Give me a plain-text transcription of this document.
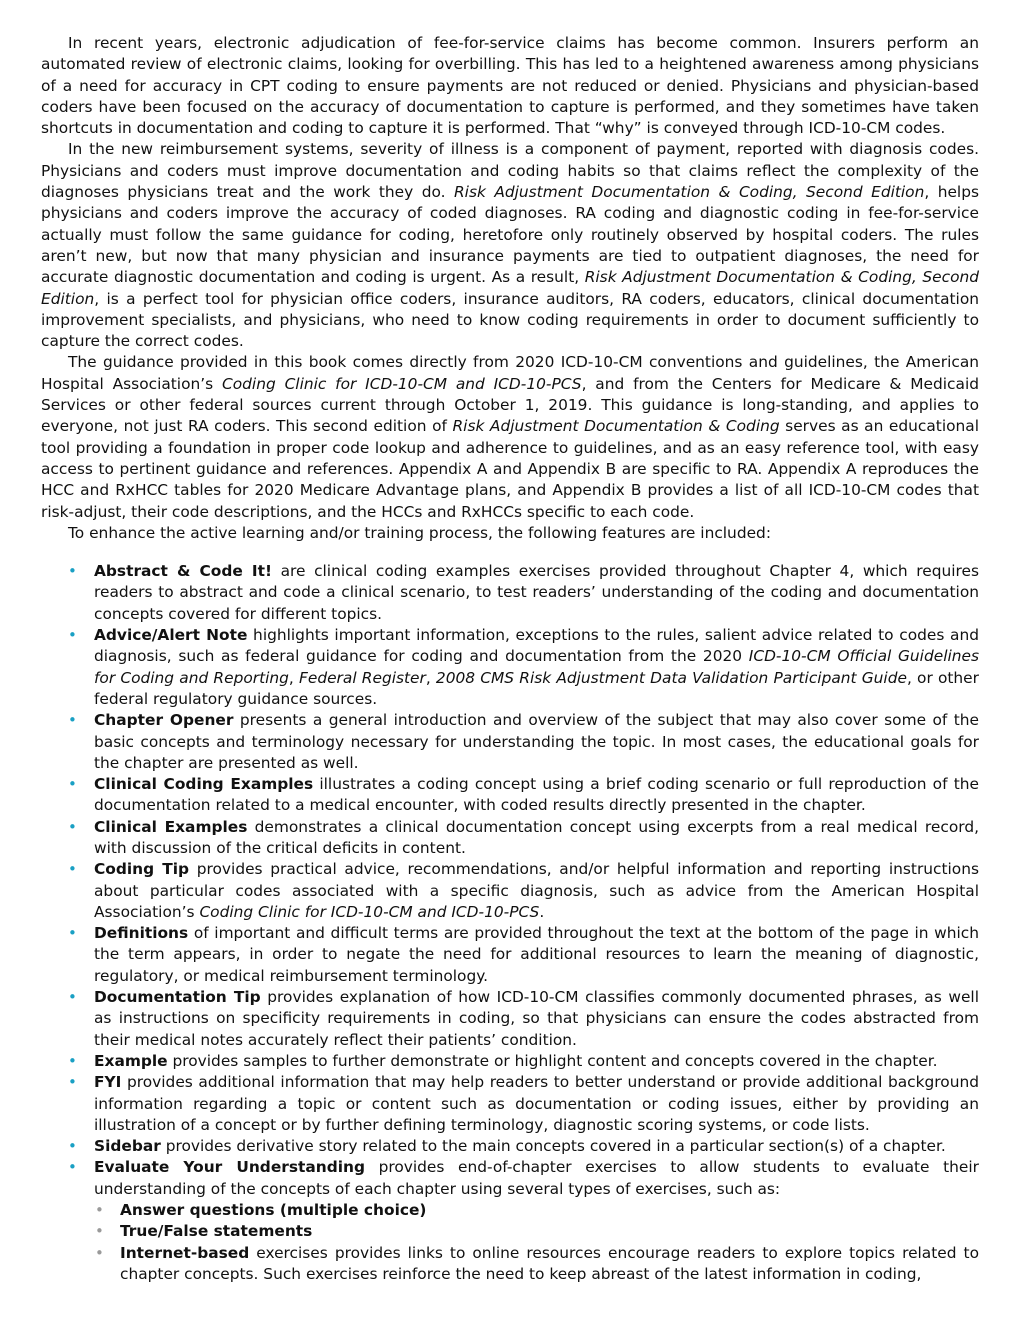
In recent years, electronic adjudication of fee-for-service claims has become common. Insurers perform an automated review of electronic claims, looking for overbilling. This has led to a heightened awareness among physicians of a need for accuracy in CPT coding to ensure payments are not reduced or denied. Physicians and physician-based coders have been focused on the accuracy of documentation to capture is performed, and they sometimes have taken shortcuts in documentation and coding to capture it is performed. That “why” is conveyed through ICD-10-CM codes.

In the new reimbursement systems, severity of illness is a component of payment, reported with diagnosis codes. Physicians and coders must improve documentation and coding habits so that claims reflect the complexity of the diagnoses physicians treat and the work they do. Risk Adjustment Documentation & Coding, Second Edition, helps physicians and coders improve the accuracy of coded diagnoses. RA coding and diagnostic coding in fee-for-service actually must follow the same guidance for coding, heretofore only routinely observed by hospital coders. The rules aren’t new, but now that many physician and insurance payments are tied to outpatient diagnoses, the need for accurate diagnostic documentation and coding is urgent. As a result, Risk Adjustment Documentation & Coding, Second Edition, is a perfect tool for physician office coders, insurance auditors, RA coders, educators, clinical documentation improvement specialists, and physicians, who need to know coding requirements in order to document sufficiently to capture the correct codes.

The guidance provided in this book comes directly from 2020 ICD-10-CM conventions and guidelines, the American Hospital Association’s Coding Clinic for ICD-10-CM and ICD-10-PCS, and from the Centers for Medicare & Medicaid Services or other federal sources current through October 1, 2019. This guidance is long-standing, and applies to everyone, not just RA coders. This second edition of Risk Adjustment Documentation & Coding serves as an educational tool providing a foundation in proper code lookup and adherence to guidelines, and as an easy reference tool, with easy access to pertinent guidance and references. Appendix A and Appendix B are specific to RA. Appendix A reproduces the HCC and RxHCC tables for 2020 Medicare Advantage plans, and Appendix B provides a list of all ICD-10-CM codes that risk-adjust, their code descriptions, and the HCCs and RxHCCs specific to each code.

To enhance the active learning and/or training process, the following features are included:

• Abstract & Code It! are clinical coding examples exercises provided throughout Chapter 4, which requires readers to abstract and code a clinical scenario, to test readers’ understanding of the coding and documentation concepts covered for different topics.
• Advice/Alert Note highlights important information, exceptions to the rules, salient advice related to codes and diagnosis, such as federal guidance for coding and documentation from the 2020 ICD-10-CM Official Guidelines for Coding and Reporting, Federal Register, 2008 CMS Risk Adjustment Data Validation Participant Guide, or other federal regulatory guidance sources.
• Chapter Opener presents a general introduction and overview of the subject that may also cover some of the basic concepts and terminology necessary for understanding the topic. In most cases, the educational goals for the chapter are presented as well.
• Clinical Coding Examples illustrates a coding concept using a brief coding scenario or full reproduction of the documentation related to a medical encounter, with coded results directly presented in the chapter.
• Clinical Examples demonstrates a clinical documentation concept using excerpts from a real medical record, with discussion of the critical deficits in content.
• Coding Tip provides practical advice, recommendations, and/or helpful information and reporting instructions about particular codes associated with a specific diagnosis, such as advice from the American Hospital Association’s Coding Clinic for ICD-10-CM and ICD-10-PCS.
• Definitions of important and difficult terms are provided throughout the text at the bottom of the page in which the term appears, in order to negate the need for additional resources to learn the meaning of diagnostic, regulatory, or medical reimbursement terminology.
• Documentation Tip provides explanation of how ICD-10-CM classifies commonly documented phrases, as well as instructions on specificity requirements in coding, so that physicians can ensure the codes abstracted from their medical notes accurately reflect their patients’ condition.
• Example provides samples to further demonstrate or highlight content and concepts covered in the chapter.
• FYI provides additional information that may help readers to better understand or provide additional background information regarding a topic or content such as documentation or coding issues, either by providing an illustration of a concept or by further defining terminology, diagnostic scoring systems, or code lists.
• Sidebar provides derivative story related to the main concepts covered in a particular section(s) of a chapter.
• Evaluate Your Understanding provides end-of-chapter exercises to allow students to evaluate their understanding of the concepts of each chapter using several types of exercises, such as:
• Answer questions (multiple choice)
• True/False statements
• Internet-based exercises provides links to online resources encourage readers to explore topics related to chapter concepts. Such exercises reinforce the need to keep abreast of the latest information in coding,
